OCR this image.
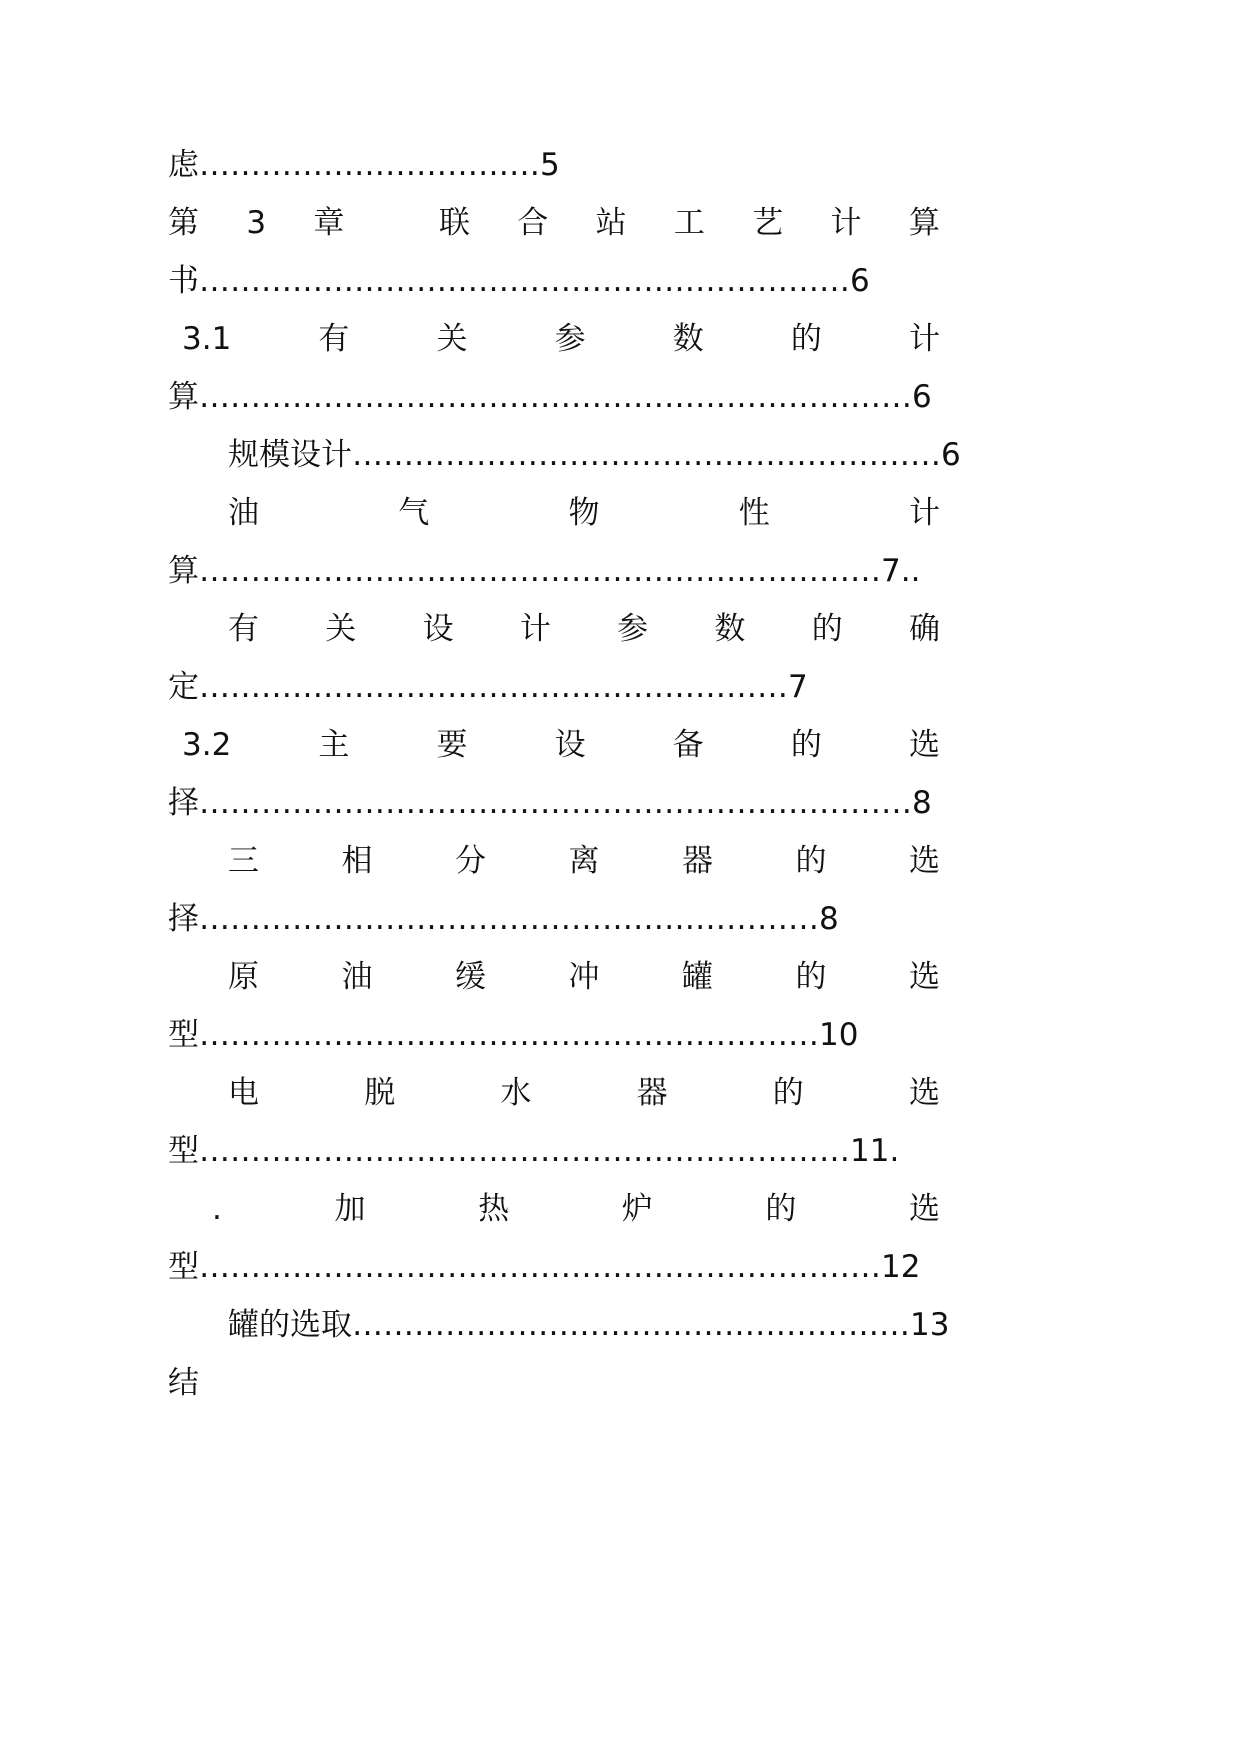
虑……………………………5
第 3 章	联 合 站 工 艺 计 算
书………………………………………………………6
3.1	有	关	参	数	的	计
算……………………………………………………………6
规模设计…………………………………………………6
油	气	物	性	计
算…………………………………………………………7..
有 关 设 计 参 数 的 确
定…………………………………………………7
3.2	主	要	设	备	的	选
择……………………………………………………………8
三	相	分	离	器	的	选
择……………………………………………………8
原	油	缓	冲	罐	的	选
型……………………………………………………10
电	脱	水	器	的	选
型………………………………………………………11.
.	加	热	炉	的	选
型…………………………………………………………12
罐的选取………………………………………………13
结
